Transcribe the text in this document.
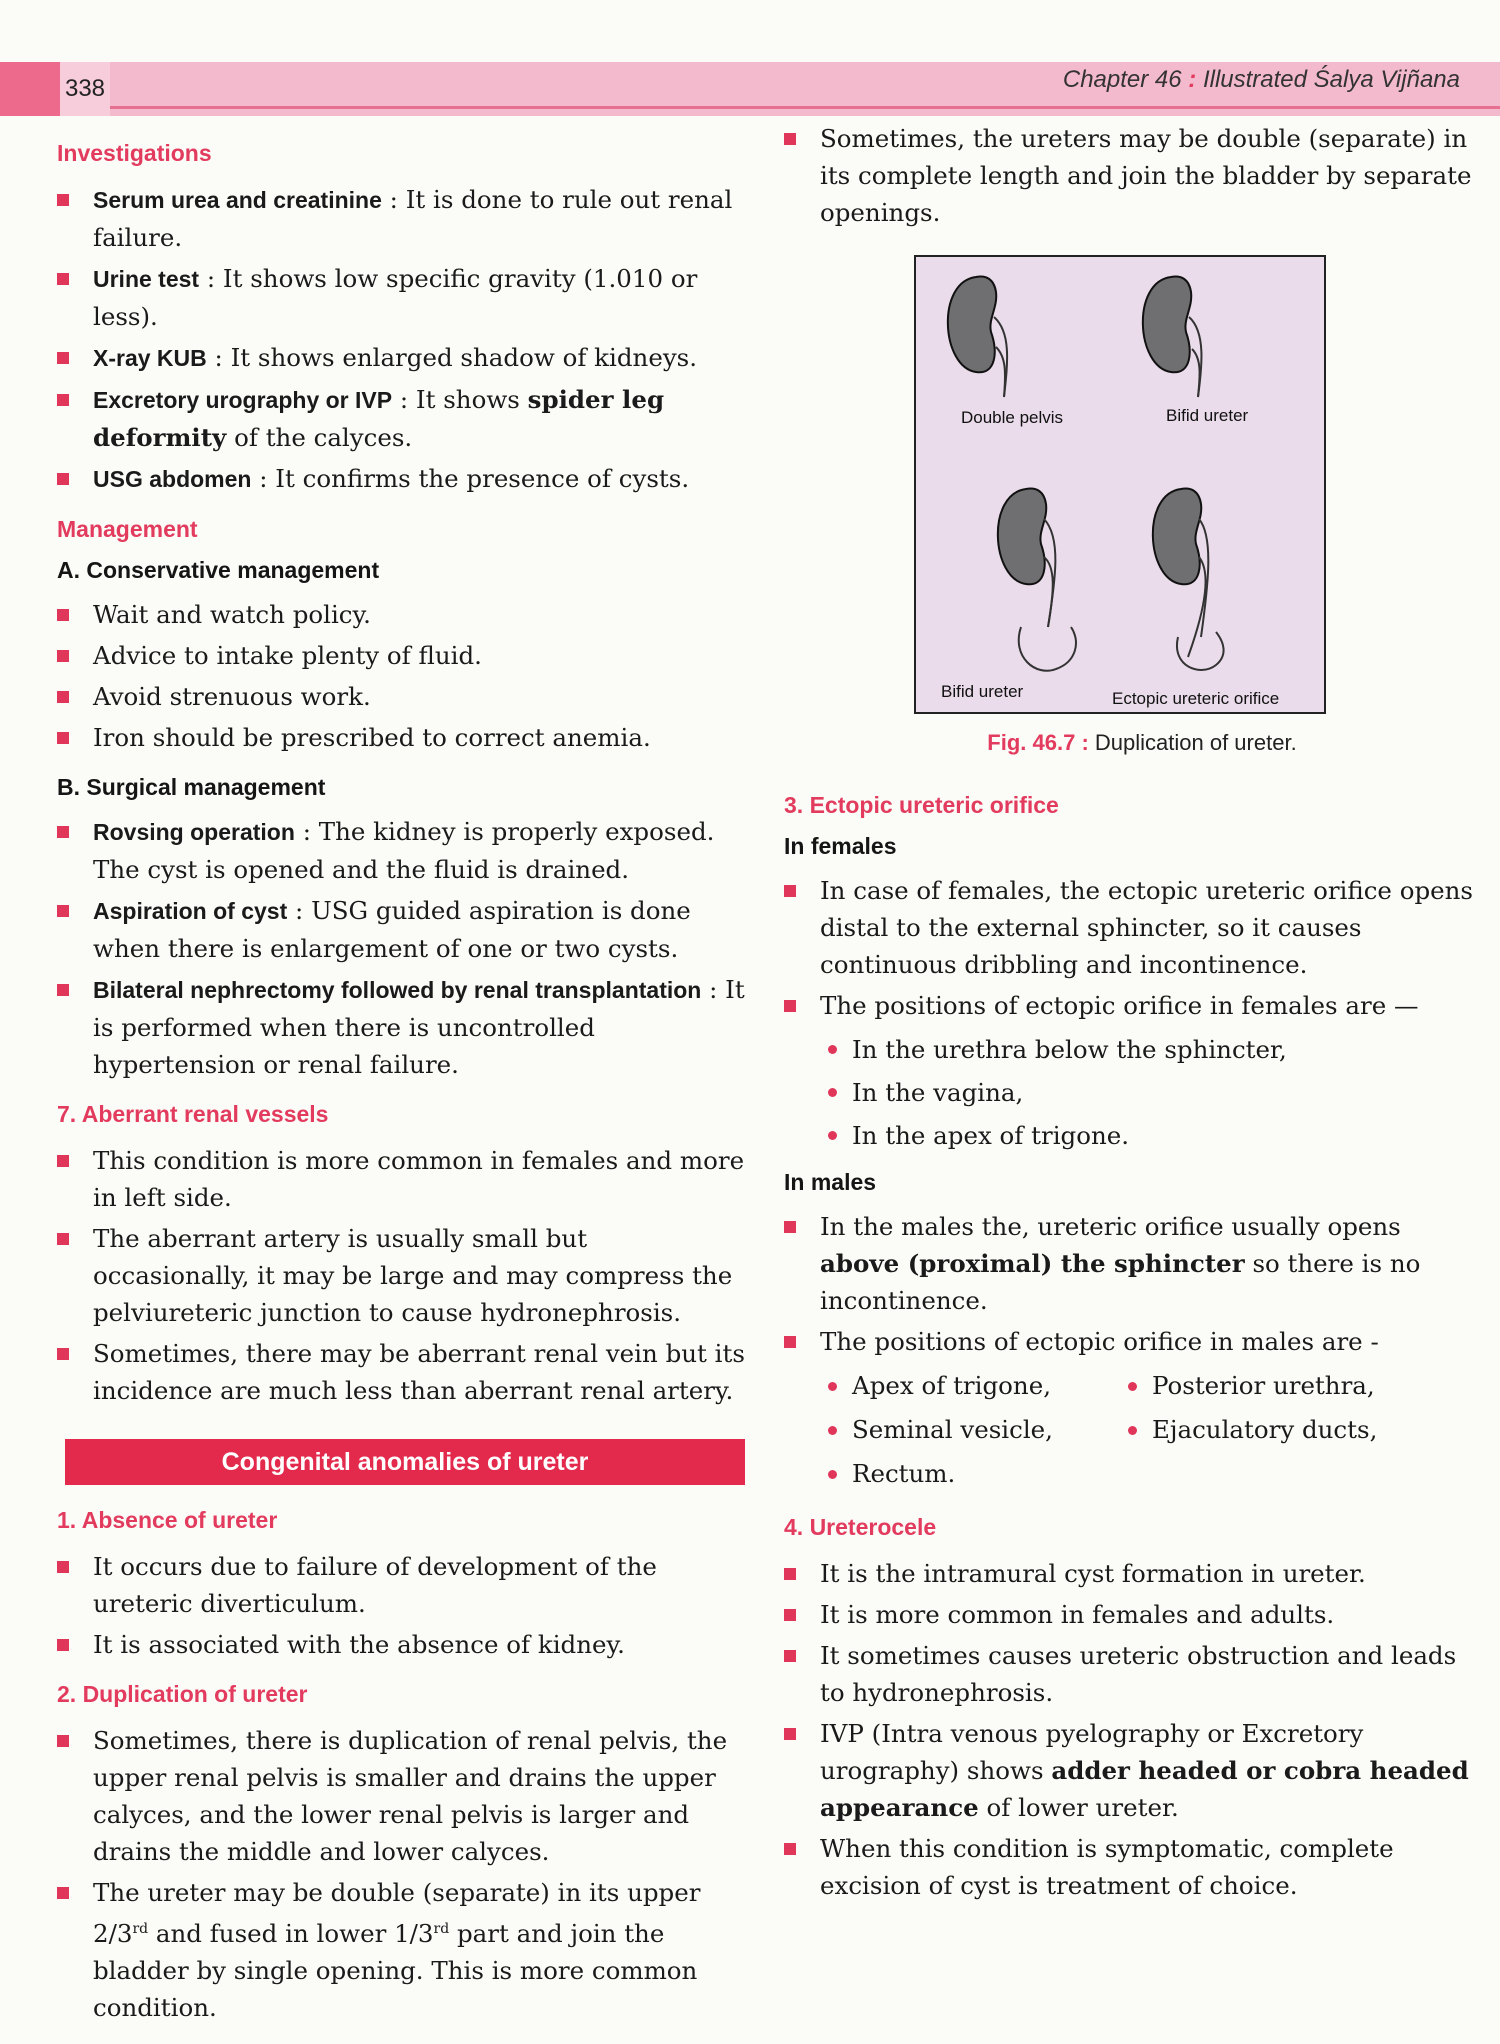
338	Chapter 46 : Illustrated Śalya Vijñana
Investigations
Serum urea and creatinine : It is done to rule out renal failure.
Urine test : It shows low specific gravity (1.010 or less).
X-ray KUB : It shows enlarged shadow of kidneys.
Excretory urography or IVP : It shows spider leg deformity of the calyces.
USG abdomen : It confirms the presence of cysts.
Management
A. Conservative management
Wait and watch policy.
Advice to intake plenty of fluid.
Avoid strenuous work.
Iron should be prescribed to correct anemia.
B. Surgical management
Rovsing operation : The kidney is properly exposed. The cyst is opened and the fluid is drained.
Aspiration of cyst : USG guided aspiration is done when there is enlargement of one or two cysts.
Bilateral nephrectomy followed by renal transplantation : It is performed when there is uncontrolled hypertension or renal failure.
7. Aberrant renal vessels
This condition is more common in females and more in left side.
The aberrant artery is usually small but occasionally, it may be large and may compress the pelviureteric junction to cause hydronephrosis.
Sometimes, there may be aberrant renal vein but its incidence are much less than aberrant renal artery.
Congenital anomalies of ureter
1. Absence of ureter
It occurs due to failure of development of the ureteric diverticulum.
It is associated with the absence of kidney.
2. Duplication of ureter
Sometimes, there is duplication of renal pelvis, the upper renal pelvis is smaller and drains the upper calyces, and the lower renal pelvis is larger and drains the middle and lower calyces.
The ureter may be double (separate) in its upper 2/3rd and fused in lower 1/3rd part and join the bladder by single opening. This is more common condition.
Sometimes, the ureters may be double (separate) in its complete length and join the bladder by separate openings.
Double pelvis	Bifid ureter
Bifid ureter	Ectopic ureteric orifice
Fig. 46.7 : Duplication of ureter.
3. Ectopic ureteric orifice
In females
In case of females, the ectopic ureteric orifice opens distal to the external sphincter, so it causes continuous dribbling and incontinence.
The positions of ectopic orifice in females are —
In the urethra below the sphincter,
In the vagina,
In the apex of trigone.
In males
In the males the, ureteric orifice usually opens above (proximal) the sphincter so there is no incontinence.
The positions of ectopic orifice in males are -
Apex of trigone,	Posterior urethra,
Seminal vesicle,	Ejaculatory ducts,
Rectum.
4. Ureterocele
It is the intramural cyst formation in ureter.
It is more common in females and adults.
It sometimes causes ureteric obstruction and leads to hydronephrosis.
IVP (Intra venous pyelography or Excretory urography) shows adder headed or cobra headed appearance of lower ureter.
When this condition is symptomatic, complete excision of cyst is treatment of choice.
